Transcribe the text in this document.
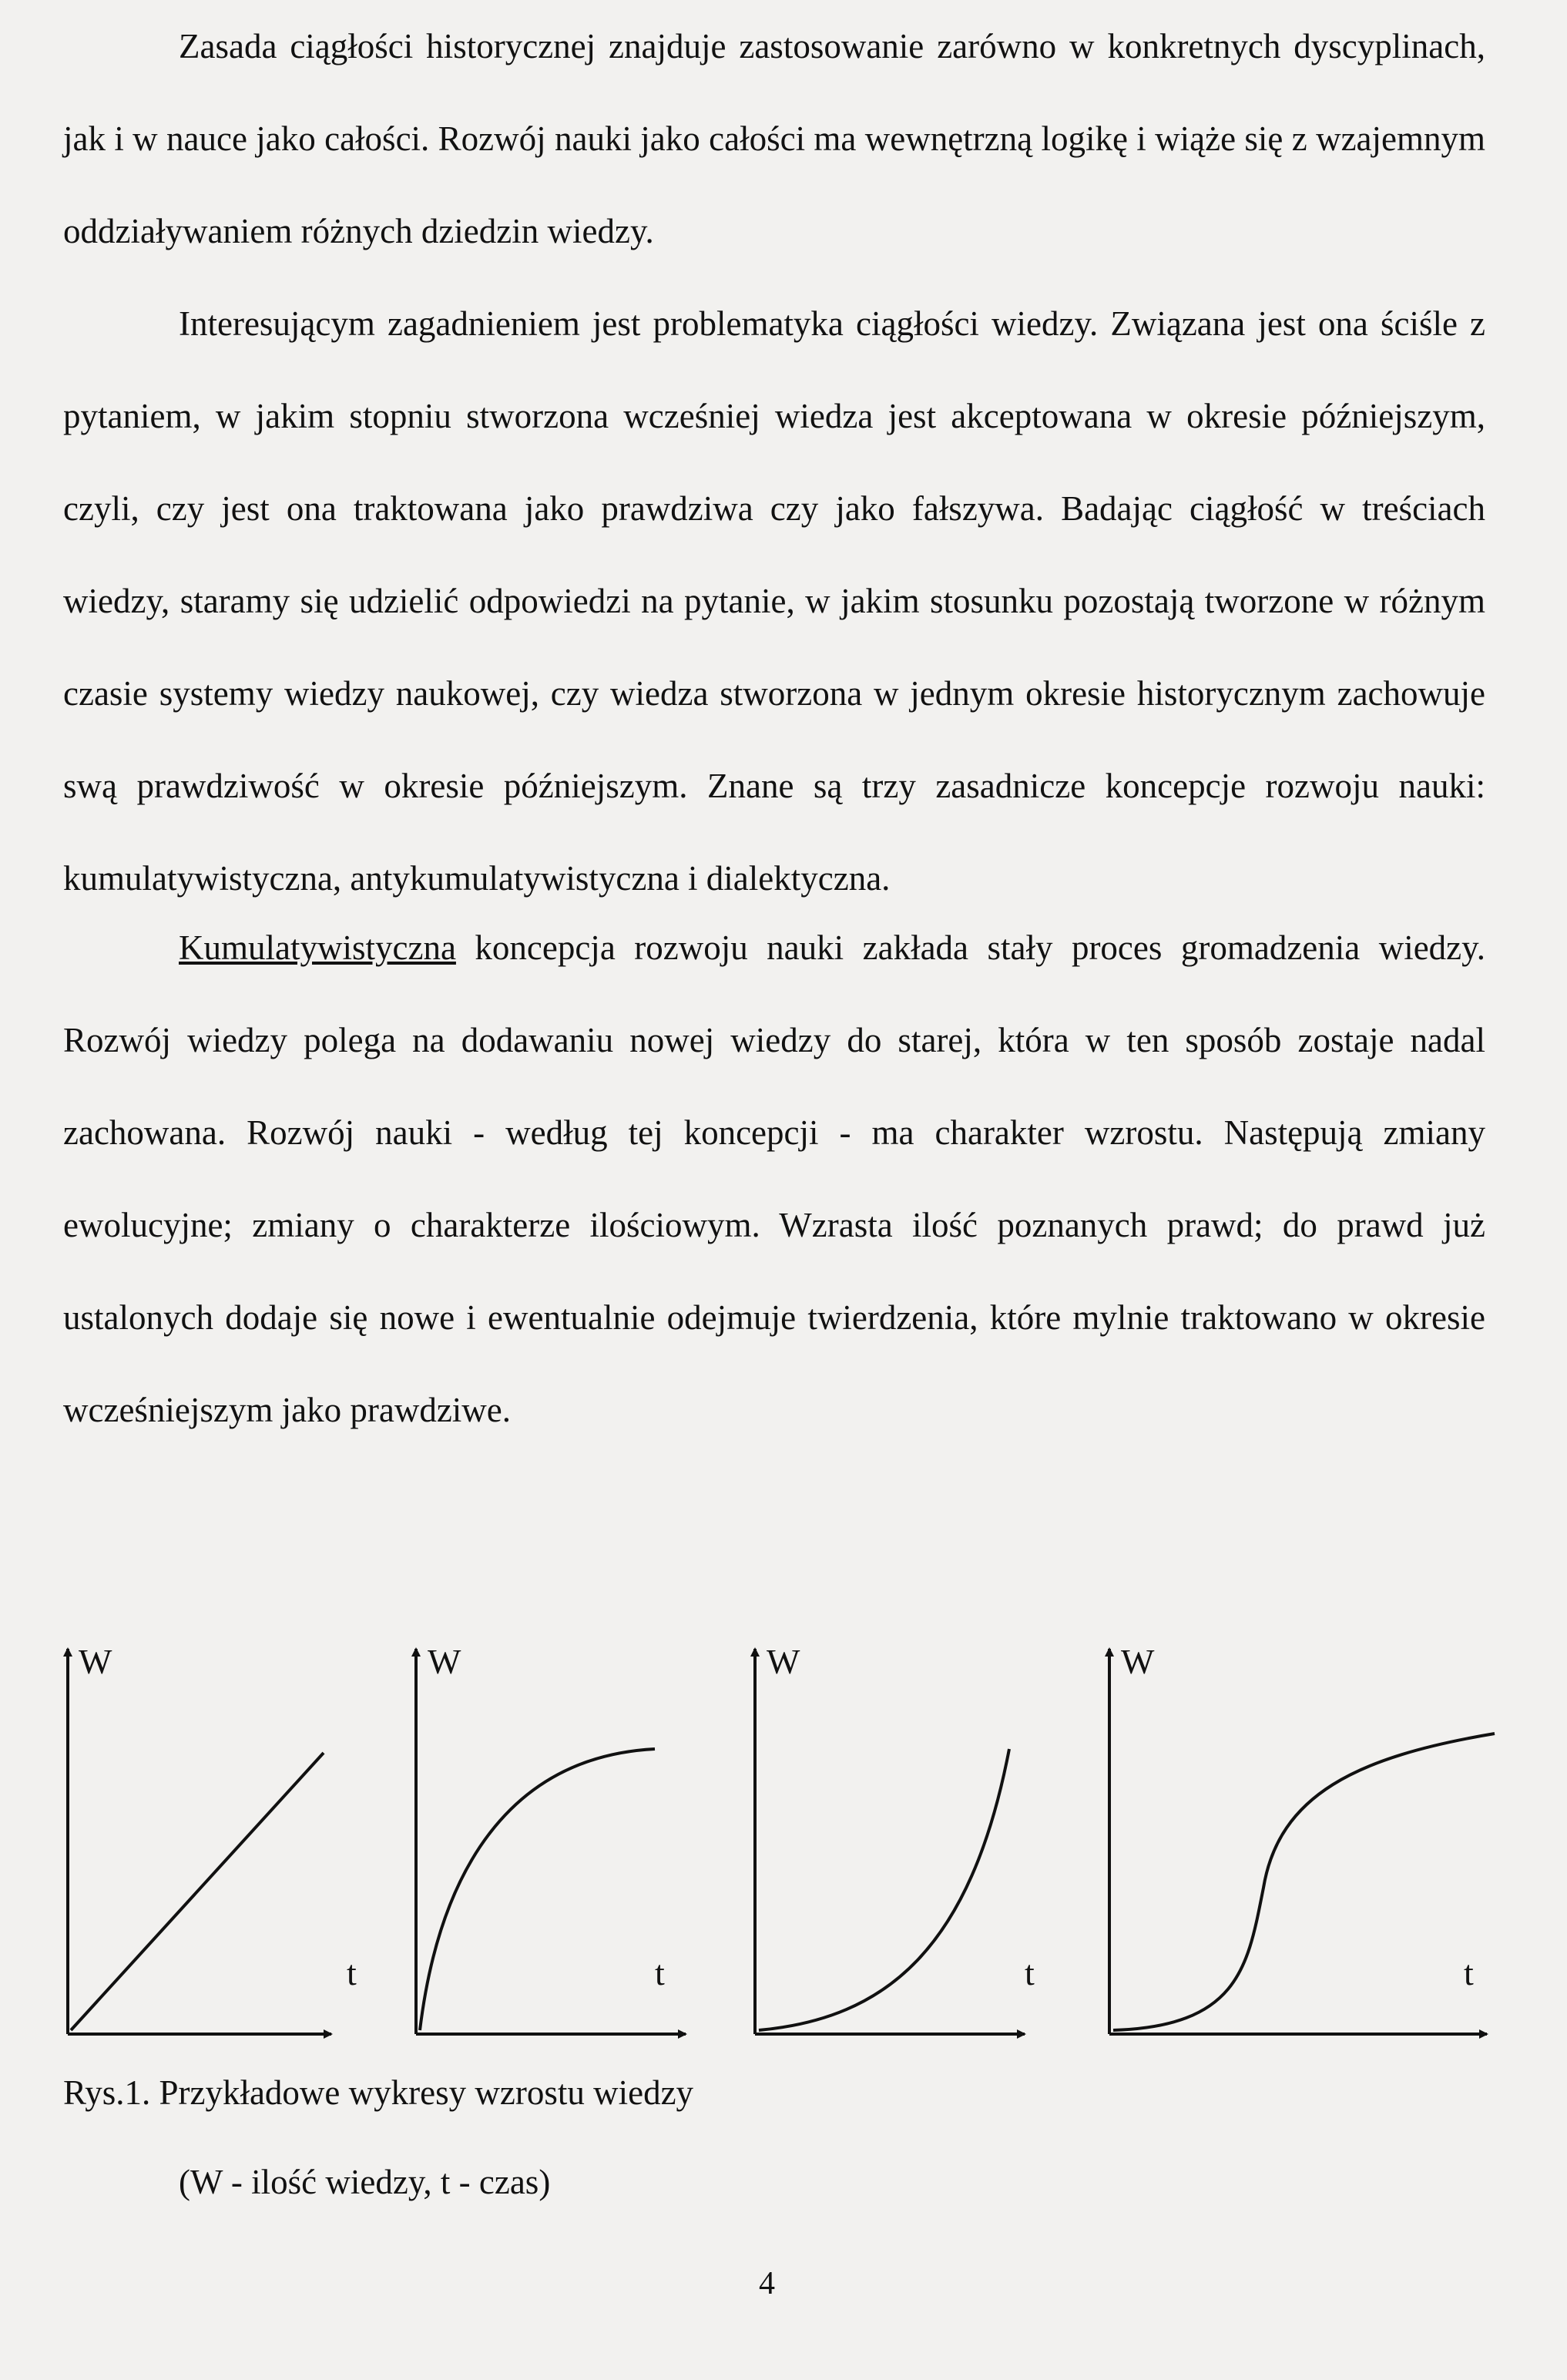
Zasada ciągłości historycznej znajduje zastosowanie zarówno w konkretnych dyscyplinach, jak i w nauce jako całości. Rozwój nauki jako całości ma wewnętrzną logikę i wiąże się z wzajemnym oddziaływaniem różnych dziedzin wiedzy.

Interesującym zagadnieniem jest problematyka ciągłości wiedzy. Związana jest ona ściśle z pytaniem, w jakim stopniu stworzona wcześniej wiedza jest akceptowana w okresie późniejszym, czyli, czy jest ona traktowana jako prawdziwa czy jako fałszywa. Badając ciągłość w treściach wiedzy, staramy się udzielić odpowiedzi na pytanie, w jakim stosunku pozostają tworzone w różnym czasie systemy wiedzy naukowej, czy wiedza stworzona w jednym okresie historycznym zachowuje swą prawdziwość w okresie późniejszym. Znane są trzy zasadnicze koncepcje rozwoju nauki: kumulatywistyczna, antykumulatywistyczna i dialektyczna.

Kumulatywistyczna koncepcja rozwoju nauki zakłada stały proces gromadzenia wiedzy. Rozwój wiedzy polega na dodawaniu nowej wiedzy do starej, która w ten sposób zostaje nadal zachowana. Rozwój nauki - według tej koncepcji - ma charakter wzrostu. Następują zmiany ewolucyjne; zmiany o charakterze ilościowym. Wzrasta ilość poznanych prawd; do prawd już ustalonych dodaje się nowe i ewentualnie odejmuje twierdzenia, które mylnie traktowano w okresie wcześniejszym jako prawdziwe.

W
t
W
t
W
t
W
t
Rys.1. Przykładowe wykresy wzrostu wiedzy
(W - ilość wiedzy, t - czas)
4
